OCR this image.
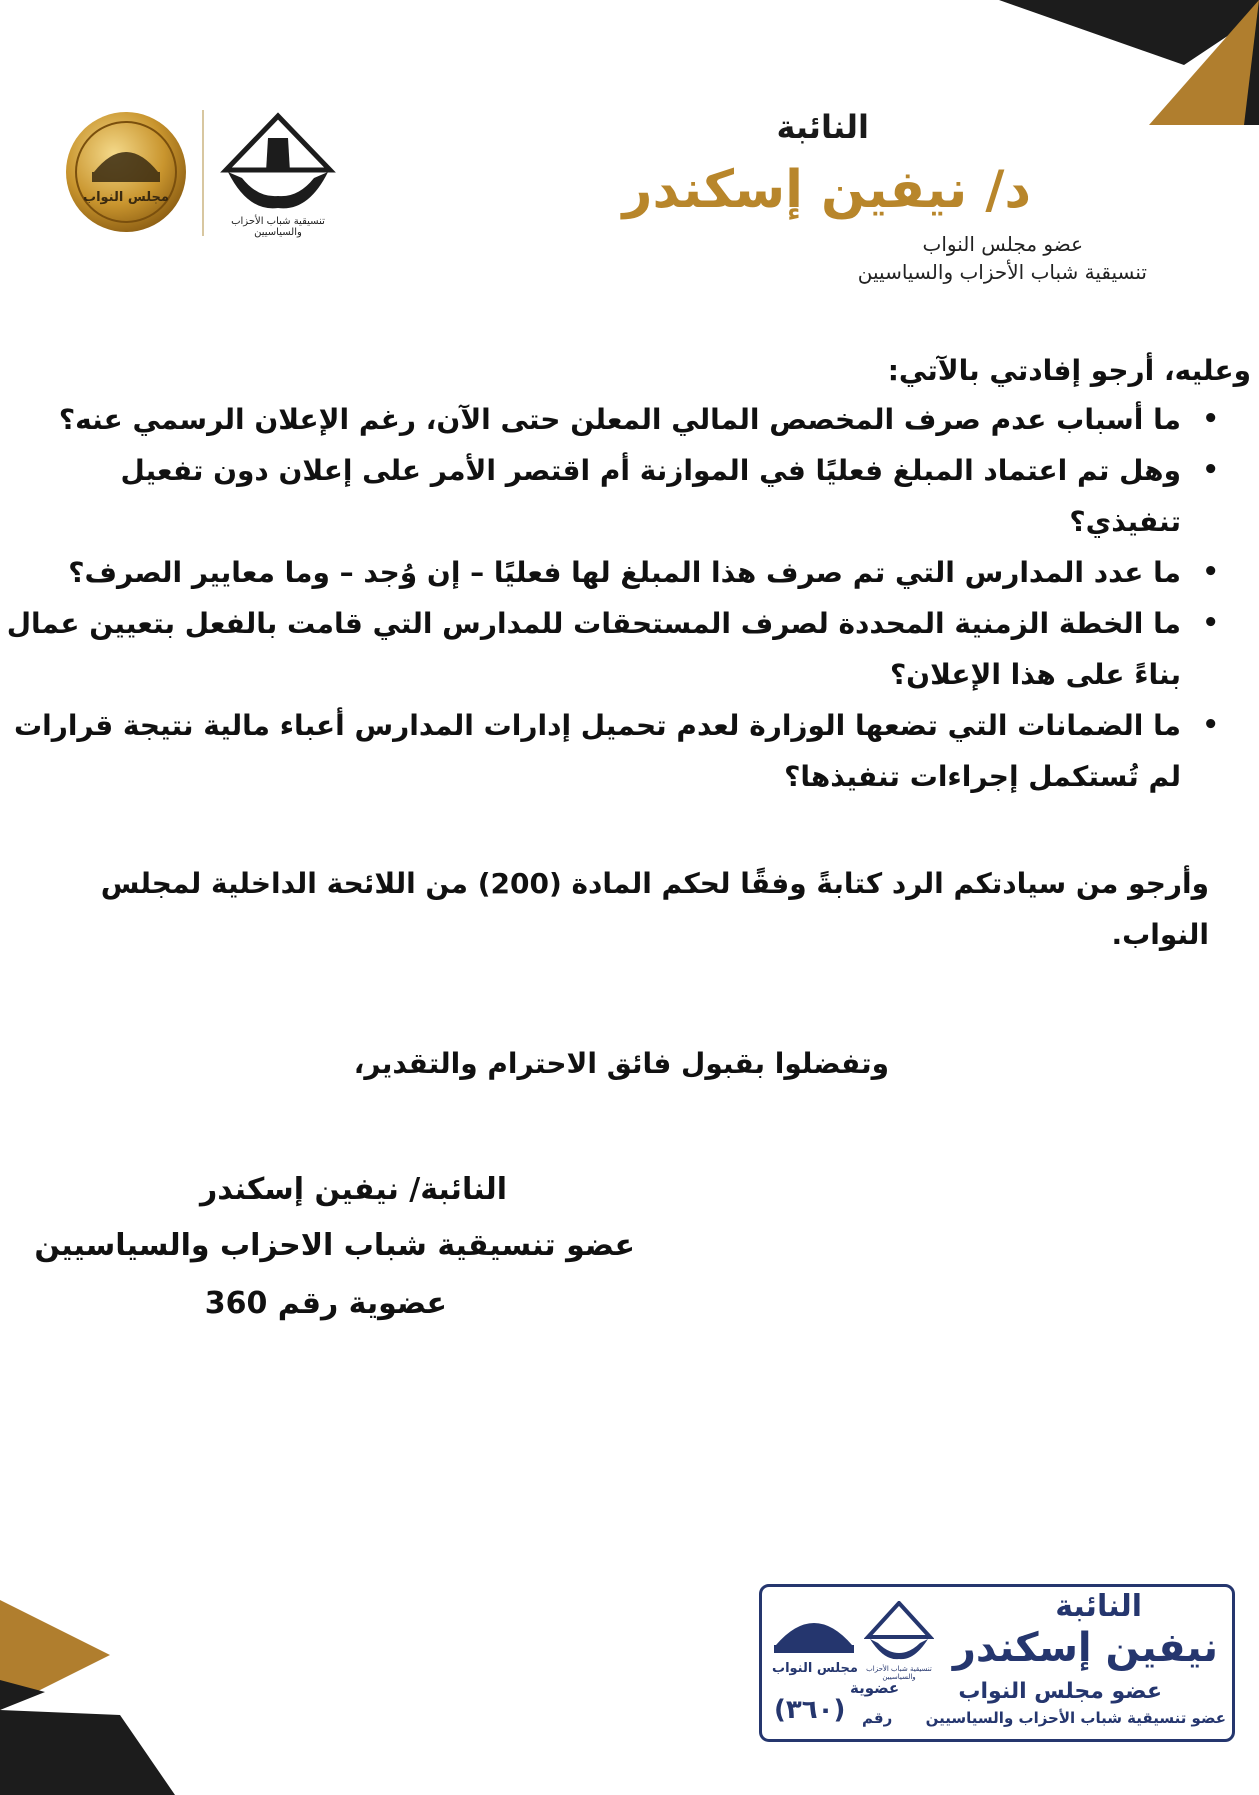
مجلس النواب
تنسيقية شباب الأحزاب والسياسيين
النائبة
د/ نيفين إسكندر
عضو مجلس النواب
تنسيقية شباب الأحزاب والسياسيين
وعليه، أرجو إفادتي بالآتي:
• ما أسباب عدم صرف المخصص المالي المعلن حتى الآن، رغم الإعلان الرسمي عنه؟
• وهل تم اعتماد المبلغ فعليًا في الموازنة أم اقتصر الأمر على إعلان دون تفعيل تنفيذي؟
• ما عدد المدارس التي تم صرف هذا المبلغ لها فعليًا – إن وُجد – وما معايير الصرف؟
• ما الخطة الزمنية المحددة لصرف المستحقات للمدارس التي قامت بالفعل بتعيين عمال بناءً على هذا الإعلان؟
• ما الضمانات التي تضعها الوزارة لعدم تحميل إدارات المدارس أعباء مالية نتيجة قرارات لم تُستكمل إجراءات تنفيذها؟
وأرجو من سيادتكم الرد كتابةً وفقًا لحكم المادة (200) من اللائحة الداخلية لمجلس النواب.
وتفضلوا بقبول فائق الاحترام والتقدير،
النائبة/ نيفين إسكندر
عضو تنسيقية شباب الاحزاب والسياسيين
عضوية رقم 360
النائبة
نيفين إسكندر
عضو مجلس النواب
عضو تنسيقية شباب الأحزاب والسياسيين
عضوية
رقم
(٣٦٠)
مجلس النواب	تنسيقية شباب الأحزاب والسياسيين
